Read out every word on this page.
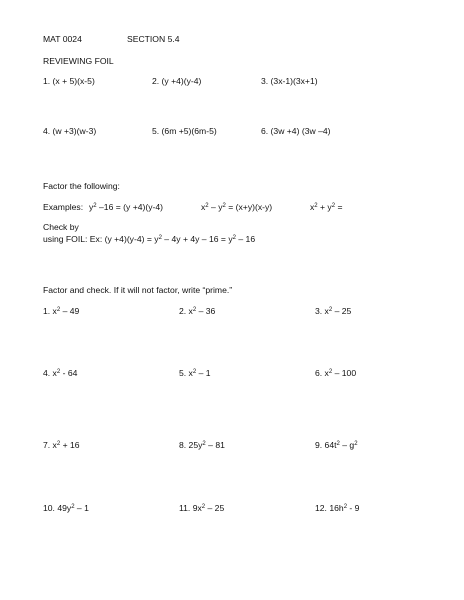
MAT 0024	SECTION 5.4
REVIEWING FOIL
1. (x + 5)(x-5)	2. (y +4)(y-4)	3. (3x-1)(3x+1)
4. (w +3)(w-3)	5. (6m +5)(6m-5)	6. (3w +4) (3w –4)
Factor the following:
Examples: $y^2$ –16 = (y +4)(y-4)	$x^2 - y^2 = (x+y)(x-y)$	$x^2 + y^2$ =
Check by
using FOIL: Ex: $(y +4)(y-4) = y^2 - 4y + 4y - 16 = y^2 - 16$
Factor and check. If it will not factor, write “prime.”
1. $x^2 - 49$	2. $x^2 - 36$	3. $x^2 - 25$
4. $x^2 - 64$	5. $x^2 - 1$	6. $x^2 - 100$
7. $x^2 + 16$	8. $25y^2 - 81$	9. $64t^2 - g^2$
10. $49y^2 - 1$	11. $9x^2 - 25$	12. $16h^2 - 9$
